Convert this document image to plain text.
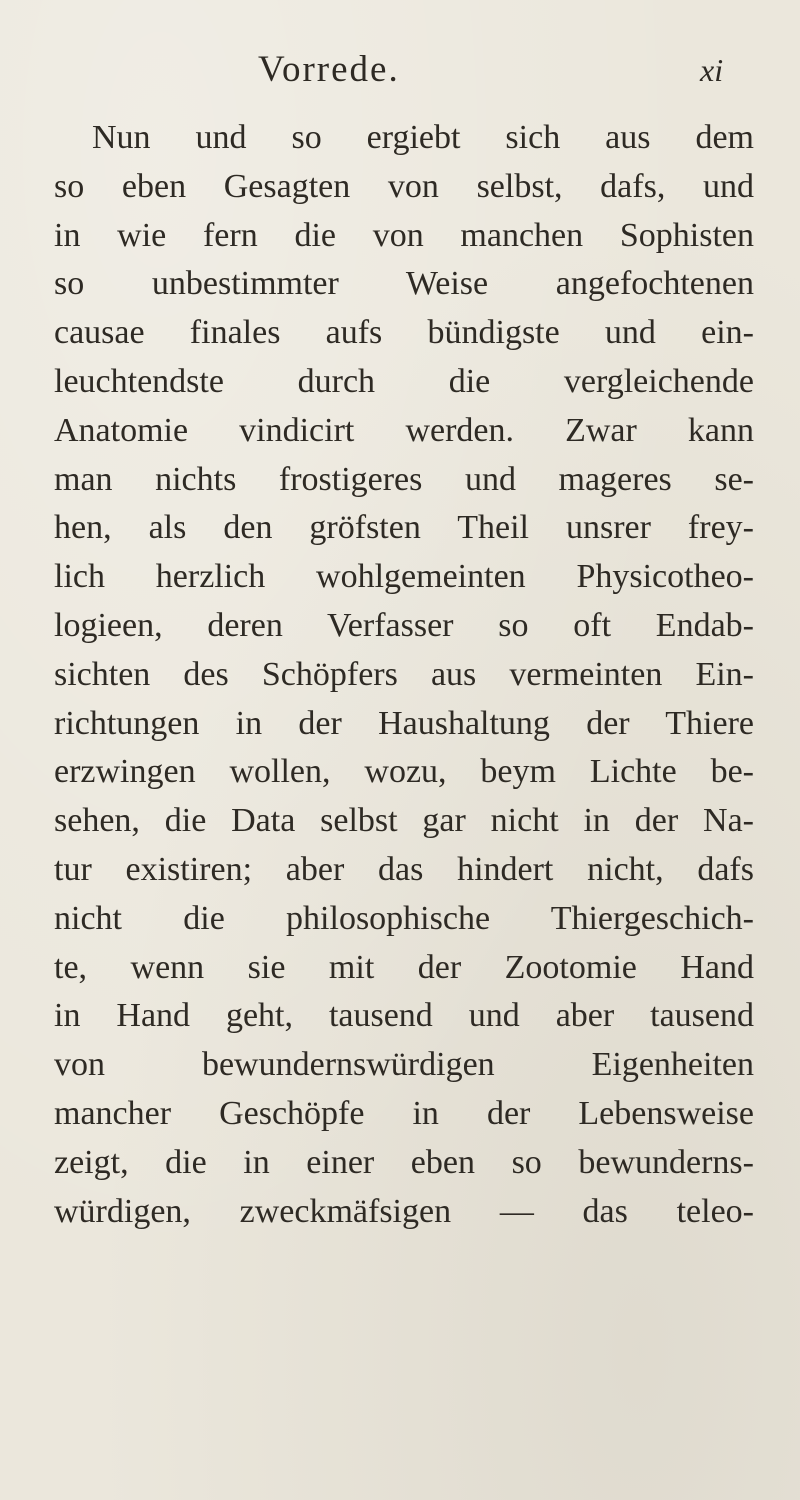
Vorrede.	xi
Nun und so ergiebt sich aus dem
so eben Gesagten von selbst, dafs, und
in wie fern die von manchen Sophisten
so unbestimmter Weise angefochtenen
causae finales aufs bündigste und ein-
leuchtendste durch die vergleichende
Anatomie vindicirt werden. Zwar kann
man nichts frostigeres und mageres se-
hen, als den gröfsten Theil unsrer frey-
lich herzlich wohlgemeinten Physicotheo-
logieen, deren Verfasser so oft Endab-
sichten des Schöpfers aus vermeinten Ein-
richtungen in der Haushaltung der Thiere
erzwingen wollen, wozu, beym Lichte be-
sehen, die Data selbst gar nicht in der Na-
tur existiren; aber das hindert nicht, dafs
nicht die philosophische Thiergeschich-
te, wenn sie mit der Zootomie Hand
in Hand geht, tausend und aber tausend
von bewundernswürdigen Eigenheiten
mancher Geschöpfe in der Lebensweise
zeigt, die in einer eben so bewunderns-
würdigen, zweckmäfsigen — das teleo-
